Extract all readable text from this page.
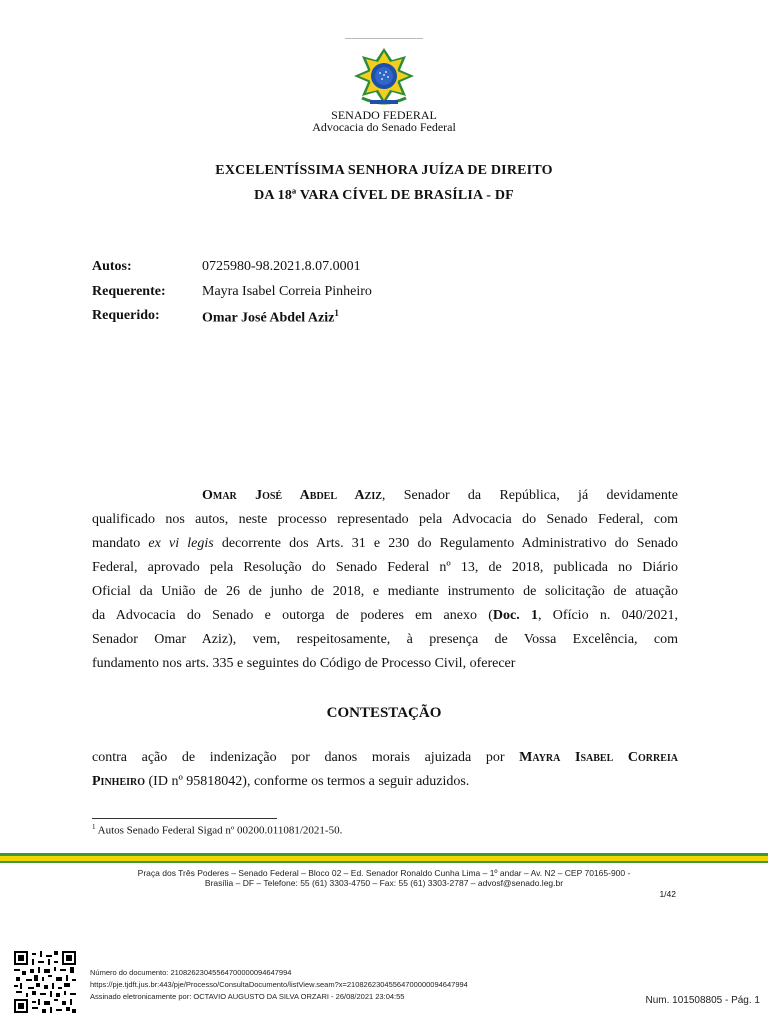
SENADO FEDERAL
Advocacia do Senado Federal
EXCELENTÍSSIMA SENHORA JUÍZA DE DIREITO
DA 18ª VARA CÍVEL DE BRASÍLIA - DF
Autos:	0725980-98.2021.8.07.0001
Requerente:	Mayra Isabel Correia Pinheiro
Requerido:	Omar José Abdel Aziz$^1$
Omar José Abdel Aziz, Senador da República, já devidamente
qualificado nos autos, neste processo representado pela Advocacia do Senado Federal, com
mandato ex vi legis decorrente dos Arts. 31 e 230 do Regulamento Administrativo do Senado
Federal, aprovado pela Resolução do Senado Federal nº 13, de 2018, publicada no Diário
Oficial da União de 26 de junho de 2018, e mediante instrumento de solicitação de atuação
da Advocacia do Senado e outorga de poderes em anexo (Doc. 1, Ofício n. 040/2021,
Senador Omar Aziz), vem, respeitosamente, à presença de Vossa Excelência, com
fundamento nos arts. 335 e seguintes do Código de Processo Civil, oferecer
CONTESTAÇÃO
contra ação de indenização por danos morais ajuizada por Mayra Isabel Correia
Pinheiro (ID nº 95818042), conforme os termos a seguir aduzidos.
$^1$ Autos Senado Federal Sigad nº 00200.011081/2021-50.
Praça dos Três Poderes – Senado Federal – Bloco 02 – Ed. Senador Ronaldo Cunha Lima – 1º andar – Av. N2 – CEP 70165-900 -
Brasília – DF – Telefone: 55 (61) 3303-4750 – Fax: 55 (61) 3303-2787 – advosf@senado.leg.br
1/42
Número do documento: 21082623045564700000094647994
https://pje.tjdft.jus.br:443/pje/Processo/ConsultaDocumento/listView.seam?x=21082623045564700000094647994
Assinado eletronicamente por: OCTAVIO AUGUSTO DA SILVA ORZARI - 26/08/2021 23:04:55	Num. 101508805 - Pág. 1
